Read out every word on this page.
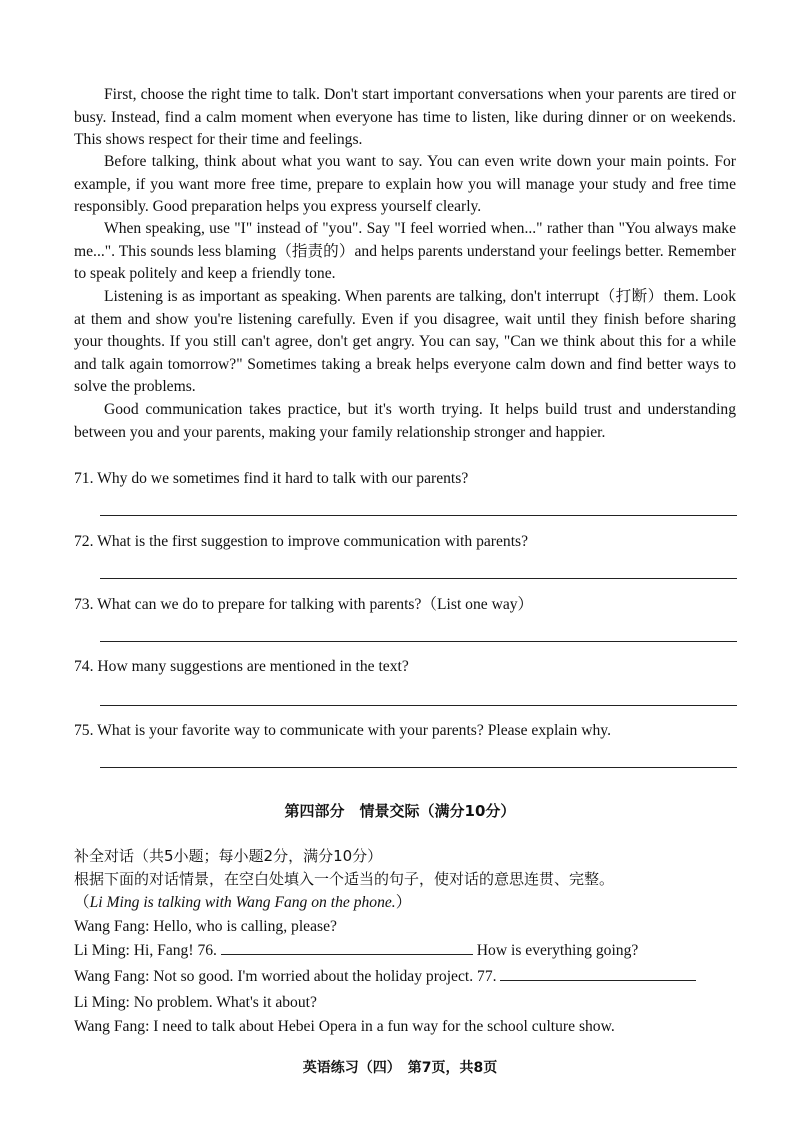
First, choose the right time to talk. Don't start important conversations when your parents are tired or busy. Instead, find a calm moment when everyone has time to listen, like during dinner or on weekends. This shows respect for their time and feelings.

Before talking, think about what you want to say. You can even write down your main points. For example, if you want more free time, prepare to explain how you will manage your study and free time responsibly. Good preparation helps you express yourself clearly.

When speaking, use "I" instead of "you". Say "I feel worried when..." rather than "You always make me...". This sounds less blaming（指责的）and helps parents understand your feelings better. Remember to speak politely and keep a friendly tone.

Listening is as important as speaking. When parents are talking, don't interrupt（打断）them. Look at them and show you're listening carefully. Even if you disagree, wait until they finish before sharing your thoughts. If you still can't agree, don't get angry. You can say, "Can we think about this for a while and talk again tomorrow?" Sometimes taking a break helps everyone calm down and find better ways to solve the problems.

Good communication takes practice, but it's worth trying. It helps build trust and understanding between you and your parents, making your family relationship stronger and happier.

71. Why do we sometimes find it hard to talk with our parents?

72. What is the first suggestion to improve communication with parents?

73. What can we do to prepare for talking with parents?（List one way）

74. How many suggestions are mentioned in the text?

75. What is your favorite way to communicate with your parents? Please explain why.

第四部分　情景交际（满分10分）
补全对话（共5小题；每小题2分，满分10分）
根据下面的对话情景，在空白处填入一个适当的句子，使对话的意思连贯、完整。
（Li Ming is talking with Wang Fang on the phone.）
Wang Fang: Hello, who is calling, please?
Li Ming: Hi, Fang! 76.	How is everything going?
Wang Fang: Not so good. I'm worried about the holiday project. 77.
Li Ming: No problem. What's it about?
Wang Fang: I need to talk about Hebei Opera in a fun way for the school culture show.
英语练习（四）　第7页，共8页
